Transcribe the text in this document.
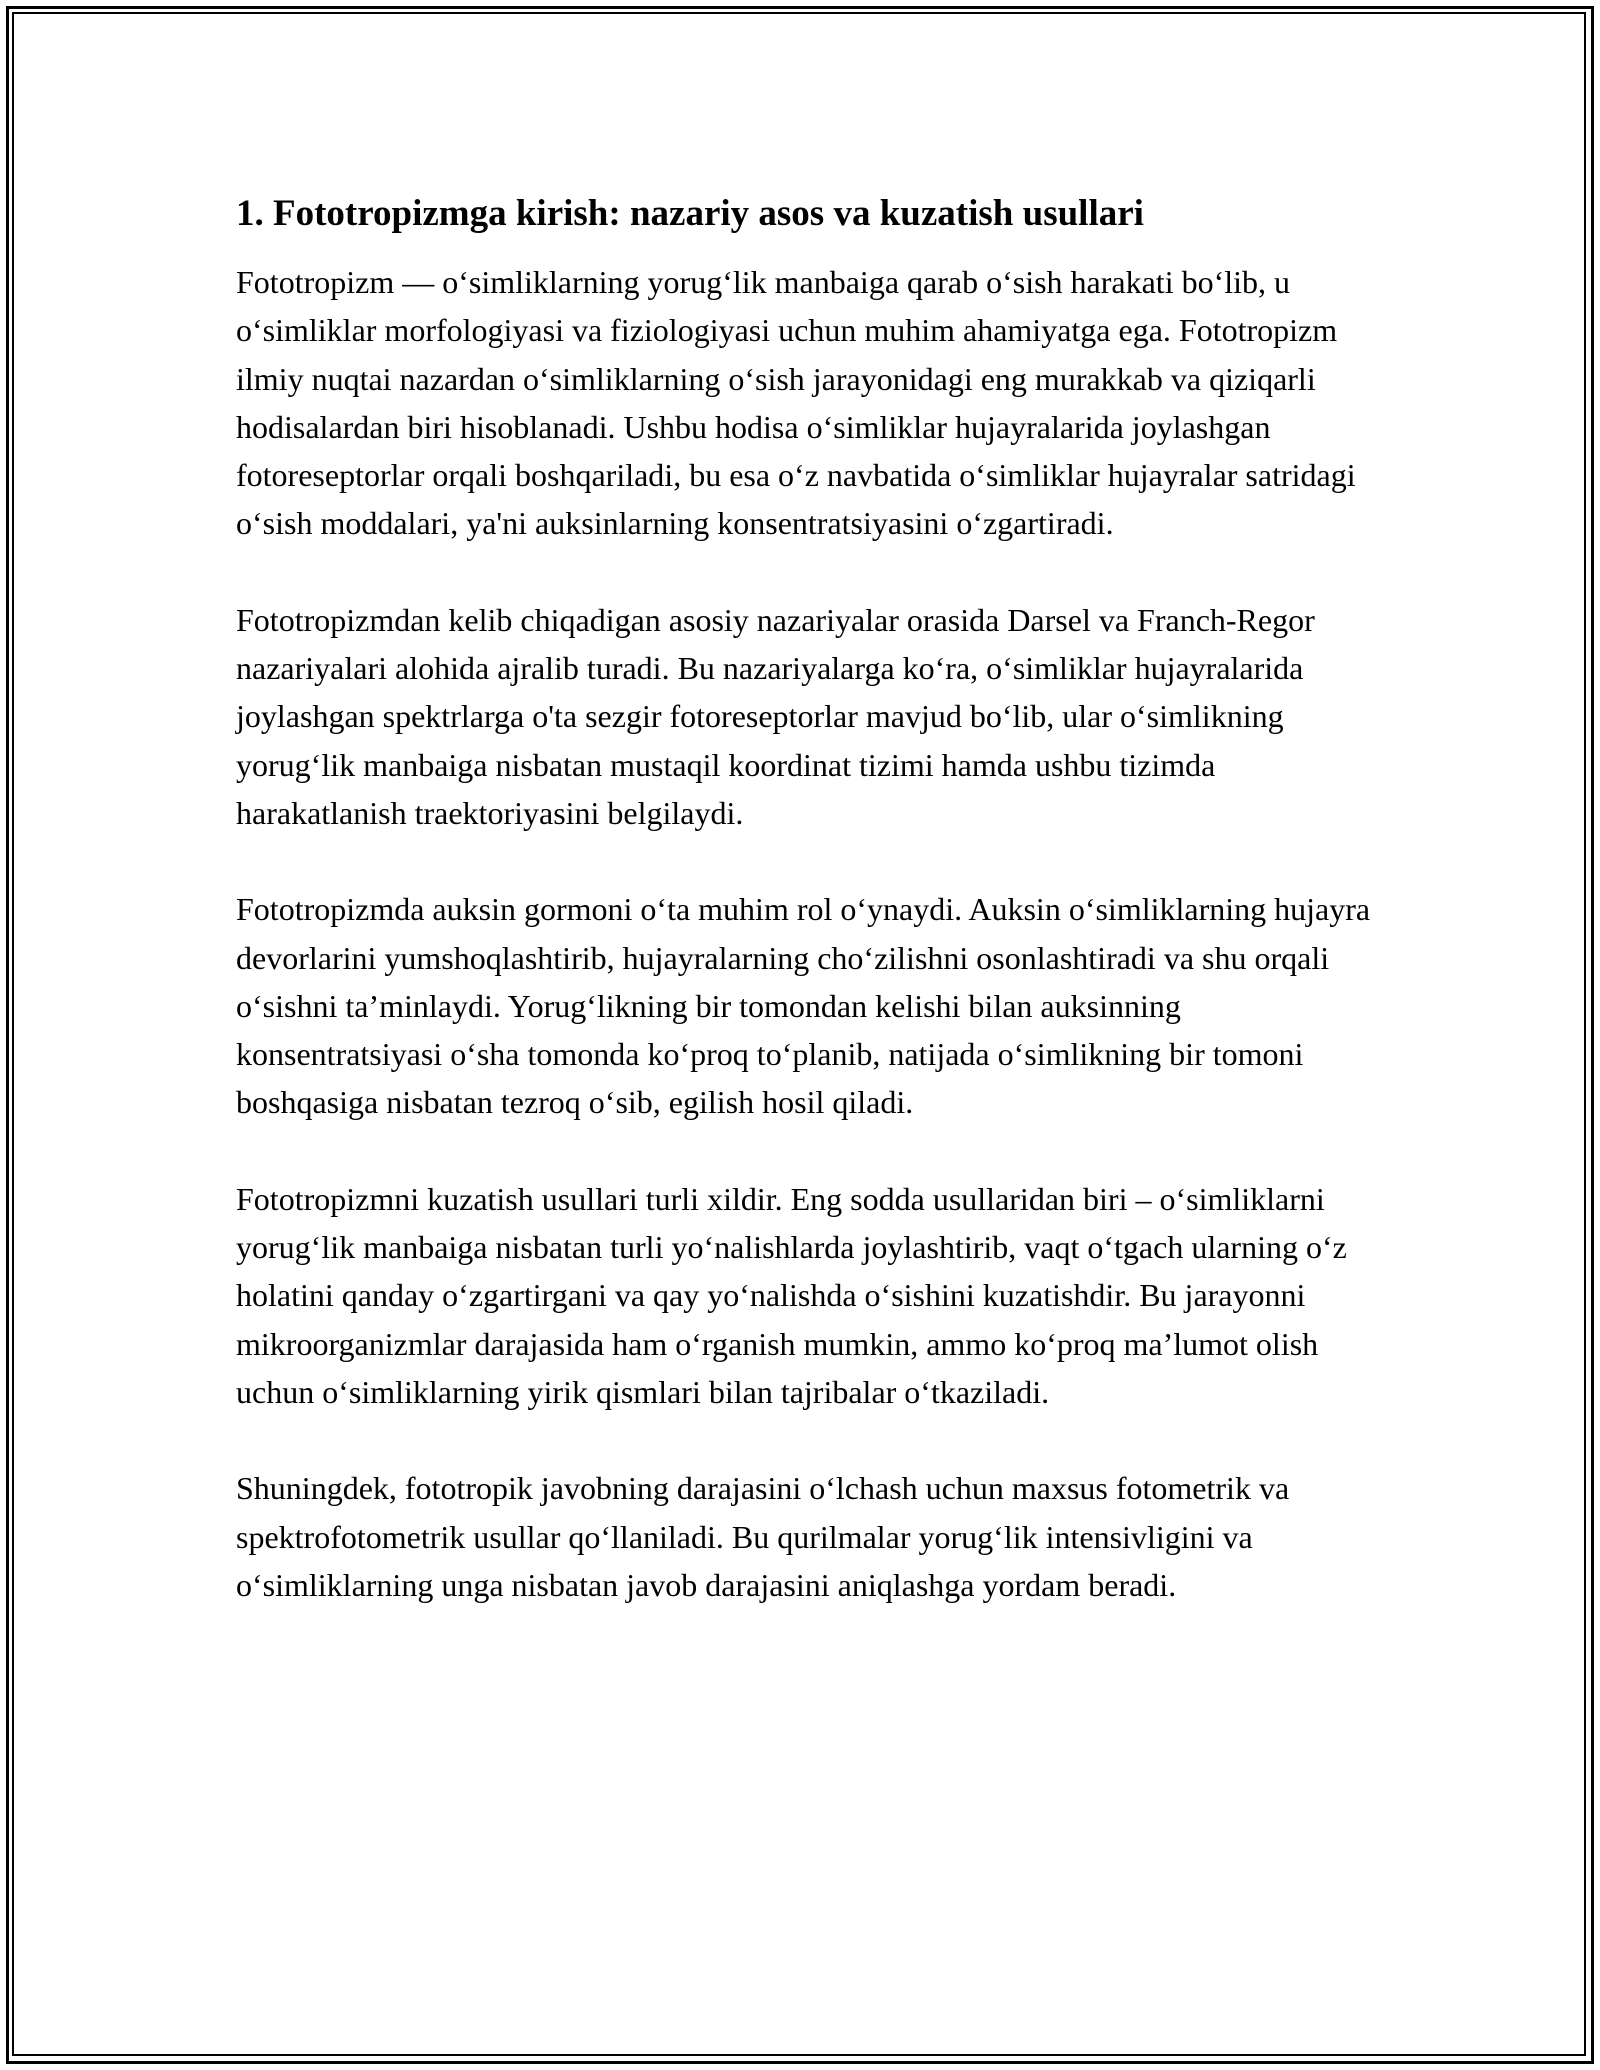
1. Fototropizmga kirish: nazariy asos va kuzatish usullari

Fototropizm — o‘simliklarning yorug‘lik manbaiga qarab o‘sish harakati bo‘lib, u o‘simliklar morfologiyasi va fiziologiyasi uchun muhim ahamiyatga ega. Fototropizm ilmiy nuqtai nazardan o‘simliklarning o‘sish jarayonidagi eng murakkab va qiziqarli hodisalardan biri hisoblanadi. Ushbu hodisa o‘simliklar hujayralarida joylashgan fotoreseptorlar orqali boshqariladi, bu esa o‘z navbatida o‘simliklar hujayralar satridagi o‘sish moddalari, ya'ni auksinlarning konsentratsiyasini o‘zgartiradi.

Fototropizmdan kelib chiqadigan asosiy nazariyalar orasida Darsel va Franch-Regor nazariyalari alohida ajralib turadi. Bu nazariyalarga ko‘ra, o‘simliklar hujayralarida joylashgan spektrlarga o'ta sezgir fotoreseptorlar mavjud bo‘lib, ular o‘simlikning yorug‘lik manbaiga nisbatan mustaqil koordinat tizimi hamda ushbu tizimda harakatlanish traektoriyasini belgilaydi.

Fototropizmda auksin gormoni o‘ta muhim rol o‘ynaydi. Auksin o‘simliklarning hujayra devorlarini yumshoqlashtirib, hujayralarning cho‘zilishni osonlashtiradi va shu orqali o‘sishni ta’minlaydi. Yorug‘likning bir tomondan kelishi bilan auksinning konsentratsiyasi o‘sha tomonda ko‘proq to‘planib, natijada o‘simlikning bir tomoni boshqasiga nisbatan tezroq o‘sib, egilish hosil qiladi.

Fototropizmni kuzatish usullari turli xildir. Eng sodda usullaridan biri – o‘simliklarni yorug‘lik manbaiga nisbatan turli yo‘nalishlarda joylashtirib, vaqt o‘tgach ularning o‘z holatini qanday o‘zgartirgani va qay yo‘nalishda o‘sishini kuzatishdir. Bu jarayonni mikroorganizmlar darajasida ham o‘rganish mumkin, ammo ko‘proq ma’lumot olish uchun o‘simliklarning yirik qismlari bilan tajribalar o‘tkaziladi.

Shuningdek, fototropik javobning darajasini o‘lchash uchun maxsus fotometrik va spektrofotometrik usullar qo‘llaniladi. Bu qurilmalar yorug‘lik intensivligini va o‘simliklarning unga nisbatan javob darajasini aniqlashga yordam beradi.
